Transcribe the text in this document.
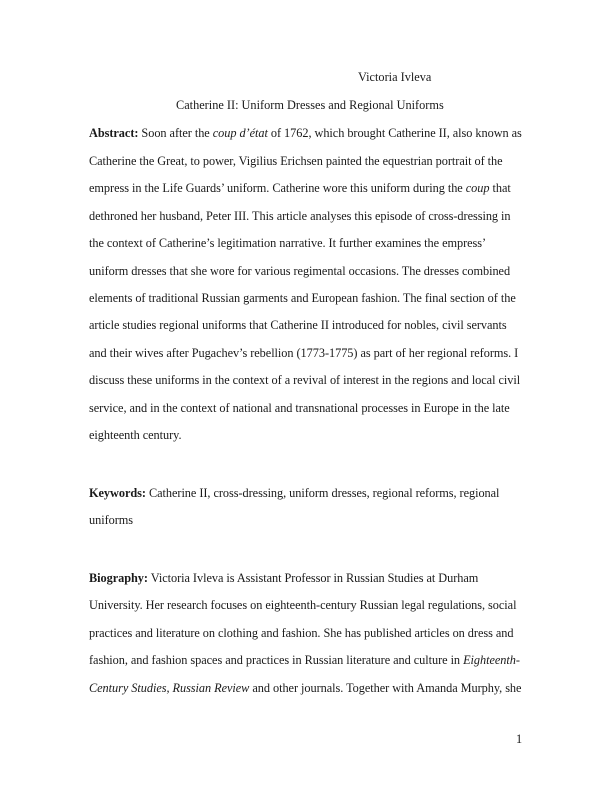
Victoria Ivleva
Catherine II: Uniform Dresses and Regional Uniforms
Abstract: Soon after the coup d’état of 1762, which brought Catherine II, also known as
Catherine the Great, to power, Vigilius Erichsen painted the equestrian portrait of the
empress in the Life Guards’ uniform. Catherine wore this uniform during the coup that
dethroned her husband, Peter III. This article analyses this episode of cross-dressing in
the context of Catherine’s legitimation narrative. It further examines the empress’
uniform dresses that she wore for various regimental occasions. The dresses combined
elements of traditional Russian garments and European fashion. The final section of the
article studies regional uniforms that Catherine II introduced for nobles, civil servants
and their wives after Pugachev’s rebellion (1773-1775) as part of her regional reforms. I
discuss these uniforms in the context of a revival of interest in the regions and local civil
service, and in the context of national and transnational processes in Europe in the late
eighteenth century.
Keywords: Catherine II, cross-dressing, uniform dresses, regional reforms, regional
uniforms
Biography: Victoria Ivleva is Assistant Professor in Russian Studies at Durham
University. Her research focuses on eighteenth-century Russian legal regulations, social
practices and literature on clothing and fashion. She has published articles on dress and
fashion, and fashion spaces and practices in Russian literature and culture in Eighteenth-
Century Studies, Russian Review and other journals. Together with Amanda Murphy, she
1
